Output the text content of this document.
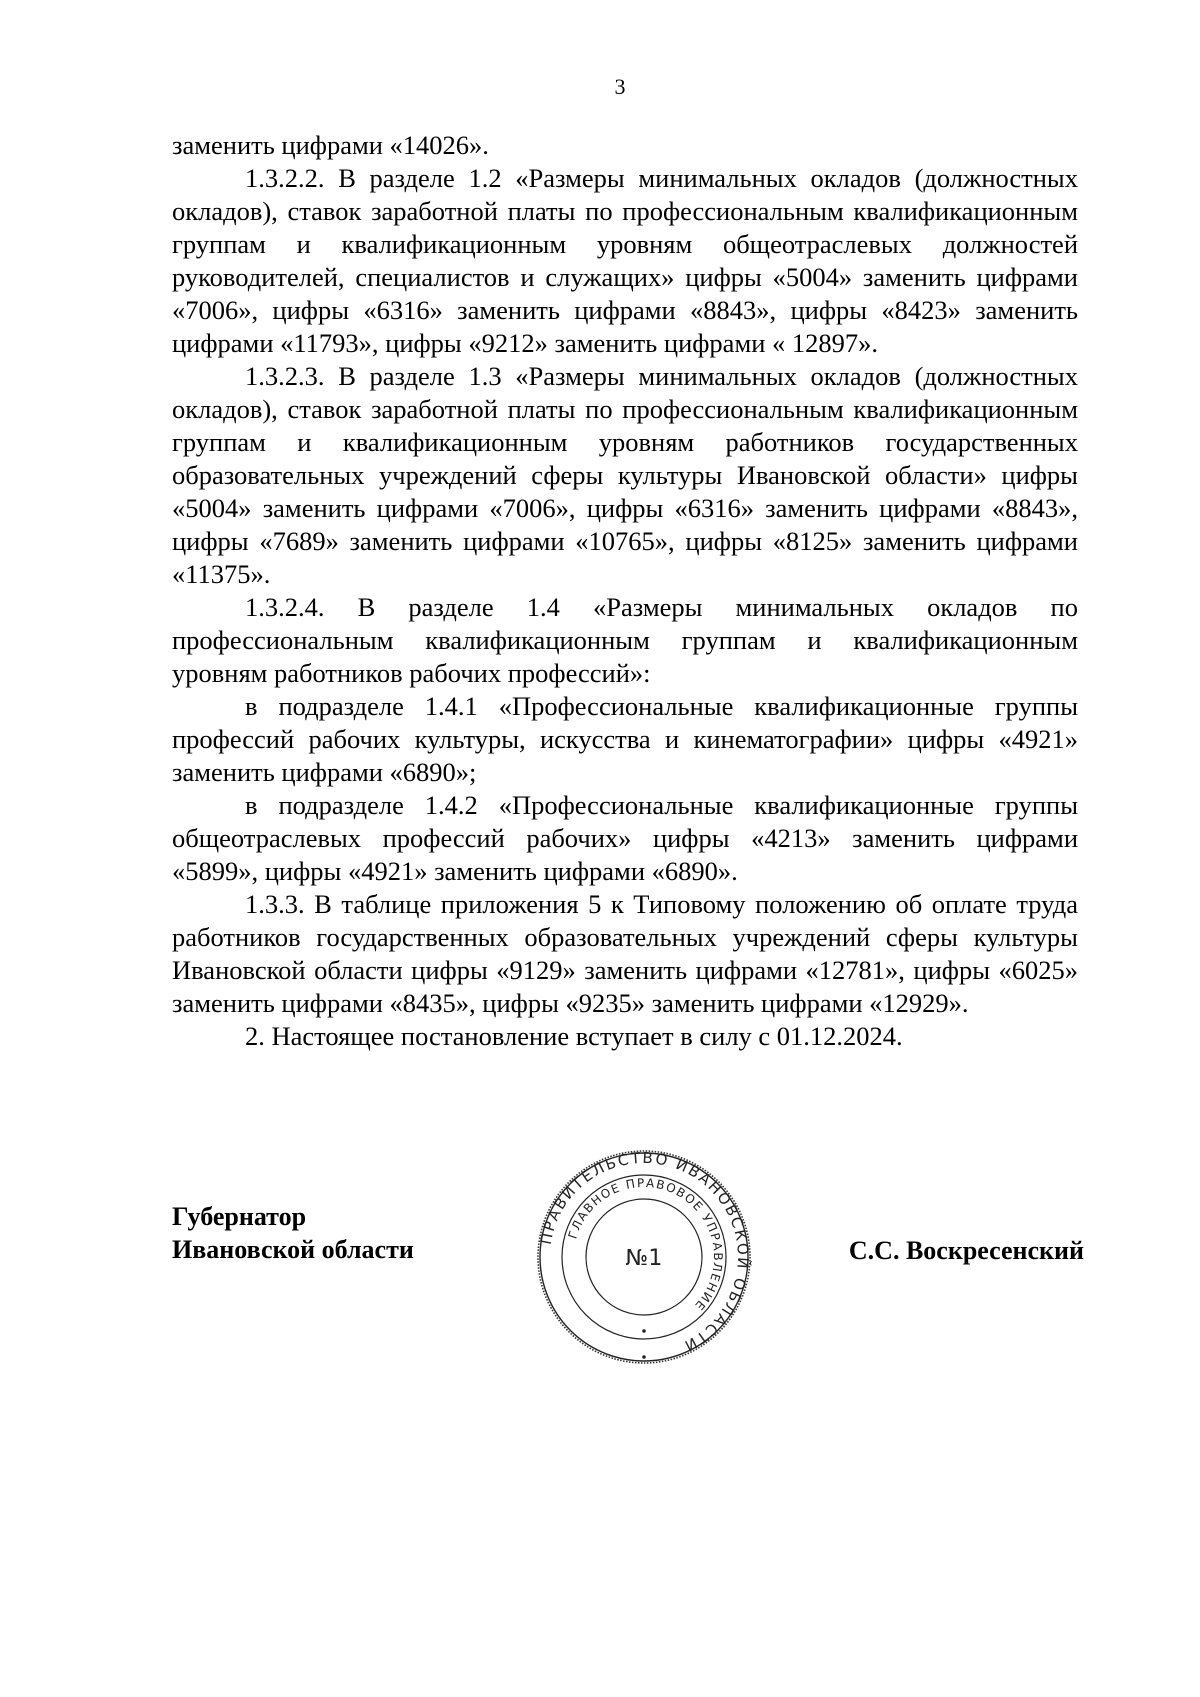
3

заменить цифрами «14026».

1.3.2.2. В разделе 1.2 «Размеры минимальных окладов (должностных окладов), ставок заработной платы по профессиональным квалификационным группам и квалификационным уровням общеотраслевых должностей руководителей, специалистов и служащих» цифры «5004» заменить цифрами «7006», цифры «6316» заменить цифрами «8843», цифры «8423» заменить цифрами «11793», цифры «9212» заменить цифрами « 12897».

1.3.2.3. В разделе 1.3 «Размеры минимальных окладов (должностных окладов), ставок заработной платы по профессиональным квалификационным группам и квалификационным уровням работников государственных образовательных учреждений сферы культуры Ивановской области» цифры «5004» заменить цифрами «7006», цифры «6316» заменить цифрами «8843», цифры «7689» заменить цифрами «10765», цифры «8125» заменить цифрами «11375».

1.3.2.4. В разделе 1.4 «Размеры минимальных окладов по профессиональным квалификационным группам и квалификационным уровням работников рабочих профессий»:

в подразделе 1.4.1 «Профессиональные квалификационные группы профессий рабочих культуры, искусства и кинематографии» цифры «4921» заменить цифрами «6890»;

в подразделе 1.4.2 «Профессиональные квалификационные группы общеотраслевых профессий рабочих» цифры «4213» заменить цифрами «5899», цифры «4921» заменить цифрами «6890».

1.3.3. В таблице приложения 5 к Типовому положению об оплате труда работников государственных образовательных учреждений сферы культуры Ивановской области цифры «9129» заменить цифрами «12781», цифры «6025» заменить цифрами «8435», цифры «9235» заменить цифрами «12929».

2. Настоящее постановление вступает в силу с 01.12.2024.

Губернатор
Ивановской области	ПРАВИТЕЛЬСТВО ИВАНОВСКОЙ ОБЛАСТИ
ГЛАВНОЕ ПРАВОВОЕ УПРАВЛЕНИЕ
№1	С.С. Воскресенский
